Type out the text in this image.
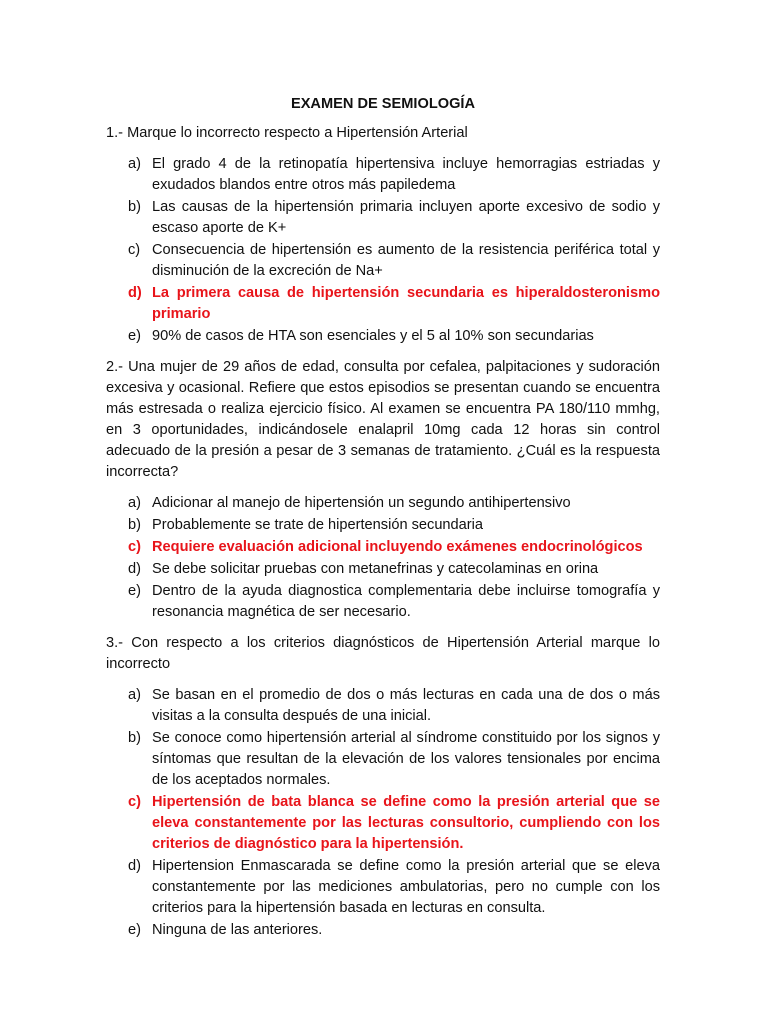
EXAMEN DE SEMIOLOGÍA
1.- Marque lo incorrecto respecto a Hipertensión Arterial
a) El grado 4 de la retinopatía hipertensiva incluye hemorragias estriadas y exudados blandos entre otros más papiledema
b) Las causas de la hipertensión primaria incluyen aporte excesivo de sodio y escaso aporte de K+
c) Consecuencia de hipertensión es aumento de la resistencia periférica total y disminución de la excreción de Na+
d) La primera causa de hipertensión secundaria es hiperaldosteronismo primario
e) 90% de casos de HTA son esenciales y el 5 al 10% son secundarias
2.- Una mujer de 29 años de edad, consulta por cefalea, palpitaciones y sudoración excesiva y ocasional. Refiere que estos episodios se presentan cuando se encuentra más estresada o realiza ejercicio físico. Al examen se encuentra PA 180/110 mmhg, en 3 oportunidades, indicándosele enalapril 10mg cada 12 horas sin control adecuado de la presión a pesar de 3 semanas de tratamiento. ¿Cuál es la respuesta incorrecta?
a) Adicionar al manejo de hipertensión un segundo antihipertensivo
b) Probablemente se trate de hipertensión secundaria
c) Requiere evaluación adicional incluyendo exámenes endocrinológicos
d) Se debe solicitar pruebas con metanefrinas y catecolaminas en orina
e) Dentro de la ayuda diagnostica complementaria debe incluirse tomografía y resonancia magnética de ser necesario.
3.- Con respecto a los criterios diagnósticos de Hipertensión Arterial marque lo incorrecto
a) Se basan en el promedio de dos o más lecturas en cada una de dos o más visitas a la consulta después de una inicial.
b) Se conoce como hipertensión arterial al síndrome constituido por los signos y síntomas que resultan de la elevación de los valores tensionales por encima de los aceptados normales.
c) Hipertensión de bata blanca se define como la presión arterial que se eleva constantemente por las lecturas consultorio, cumpliendo con los criterios de diagnóstico para la hipertensión.
d) Hipertension Enmascarada se define como la presión arterial que se eleva constantemente por las mediciones ambulatorias, pero no cumple con los criterios para la hipertensión basada en lecturas en consulta.
e) Ninguna de las anteriores.
